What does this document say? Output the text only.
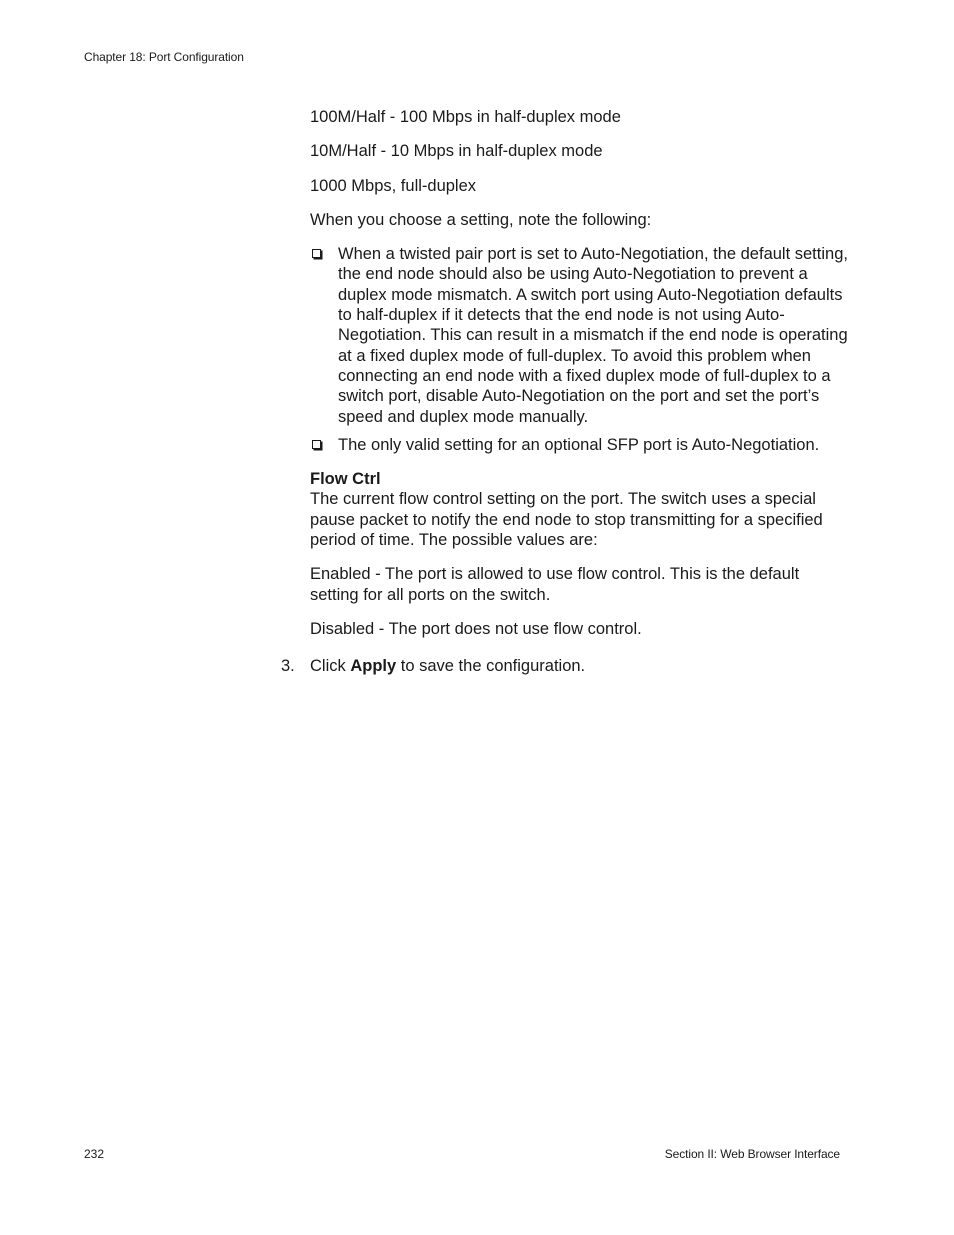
Chapter 18: Port Configuration

100M/Half - 100 Mbps in half-duplex mode

10M/Half - 10 Mbps in half-duplex mode

1000 Mbps, full-duplex

When you choose a setting, note the following:

When a twisted pair port is set to Auto-Negotiation, the default setting, the end node should also be using Auto-Negotiation to prevent a duplex mode mismatch. A switch port using Auto-Negotiation defaults to half-duplex if it detects that the end node is not using Auto-Negotiation. This can result in a mismatch if the end node is operating at a fixed duplex mode of full-duplex. To avoid this problem when connecting an end node with a fixed duplex mode of full-duplex to a switch port, disable Auto-Negotiation on the port and set the port’s speed and duplex mode manually.
The only valid setting for an optional SFP port is Auto-Negotiation.

Flow Ctrl

The current flow control setting on the port. The switch uses a special pause packet to notify the end node to stop transmitting for a specified period of time. The possible values are:

Enabled - The port is allowed to use flow control. This is the default setting for all ports on the switch.

Disabled - The port does not use flow control.

3. Click Apply to save the configuration.
232	Section II: Web Browser Interface
